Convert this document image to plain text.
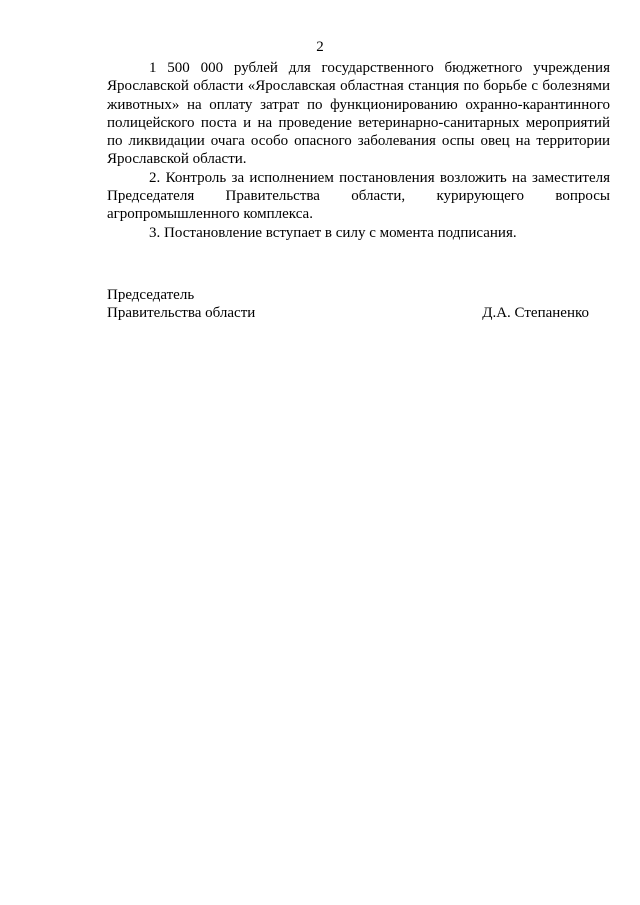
2

1 500 000 рублей для государственного бюджетного учреждения Ярославской области «Ярославская областная станция по борьбе с болезнями животных» на оплату затрат по функционированию охранно-карантинного полицейского поста и на проведение ветеринарно-санитарных мероприятий по ликвидации очага особо опасного заболевания оспы овец на территории Ярославской области.

2. Контроль за исполнением постановления возложить на заместителя Председателя Правительства области, курирующего вопросы агропромышленного комплекса.

3. Постановление вступает в силу с момента подписания.

Председатель
Правительства области	Д.А. Степаненко
